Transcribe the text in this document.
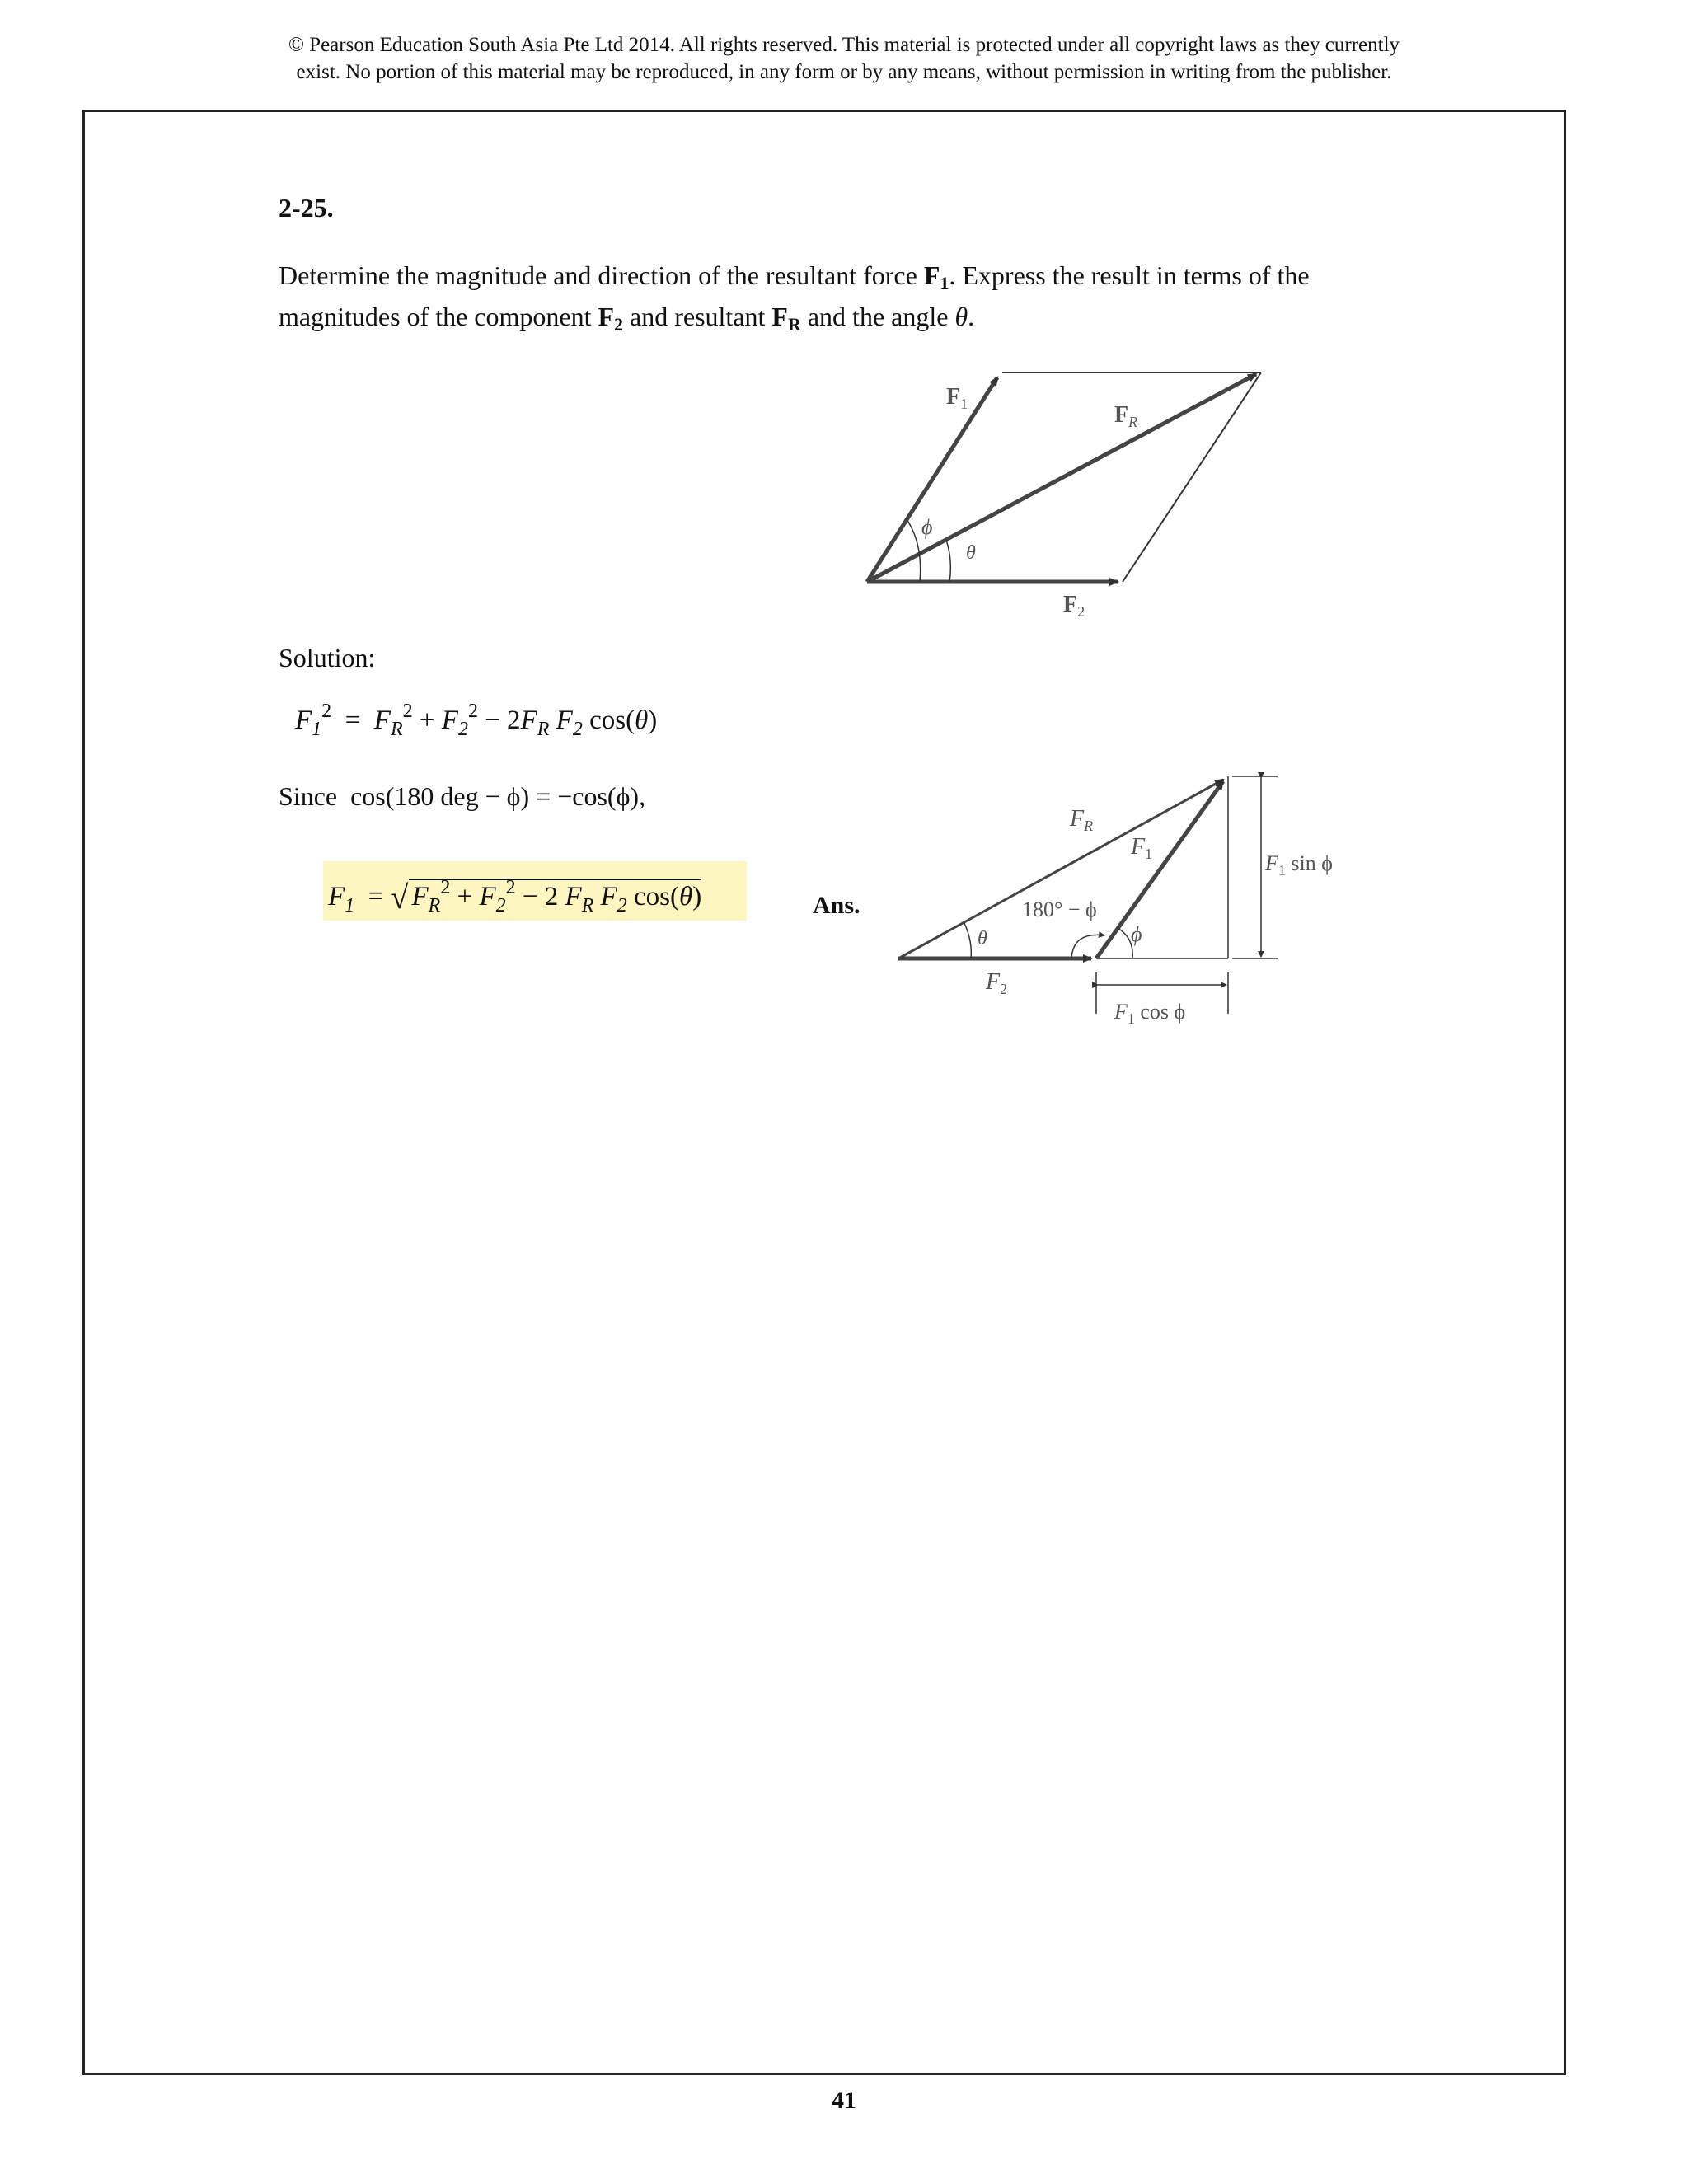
© Pearson Education South Asia Pte Ltd 2014. All rights reserved. This material is protected under all copyright laws as they currently
exist. No portion of this material may be reproduced, in any form or by any means, without permission in writing from the publisher.
2-25.
Determine the magnitude and direction of the resultant force $F_1$. Express the result in terms of the magnitudes of the component $F_2$ and resultant $F_R$ and the angle θ.
$F_1$	$F_R$
$F_2$
ϕ
θ
Solution:
$F_1^2 = F_R^2 + F_2^2 - 2F_R$ $F_2$ cos(θ)
Since cos(180 deg − ϕ) = −cos(ϕ),
$F_1$  = √ $F_R^2 + F_2^2 - 2$ $F_R$ $F_2$ cos(θ)	Ans.
$F_R$
$F_1$
$F_2$
180° − ϕ
ϕ
θ
$F_1$ sin ϕ
$F_1$ cos ϕ
41
